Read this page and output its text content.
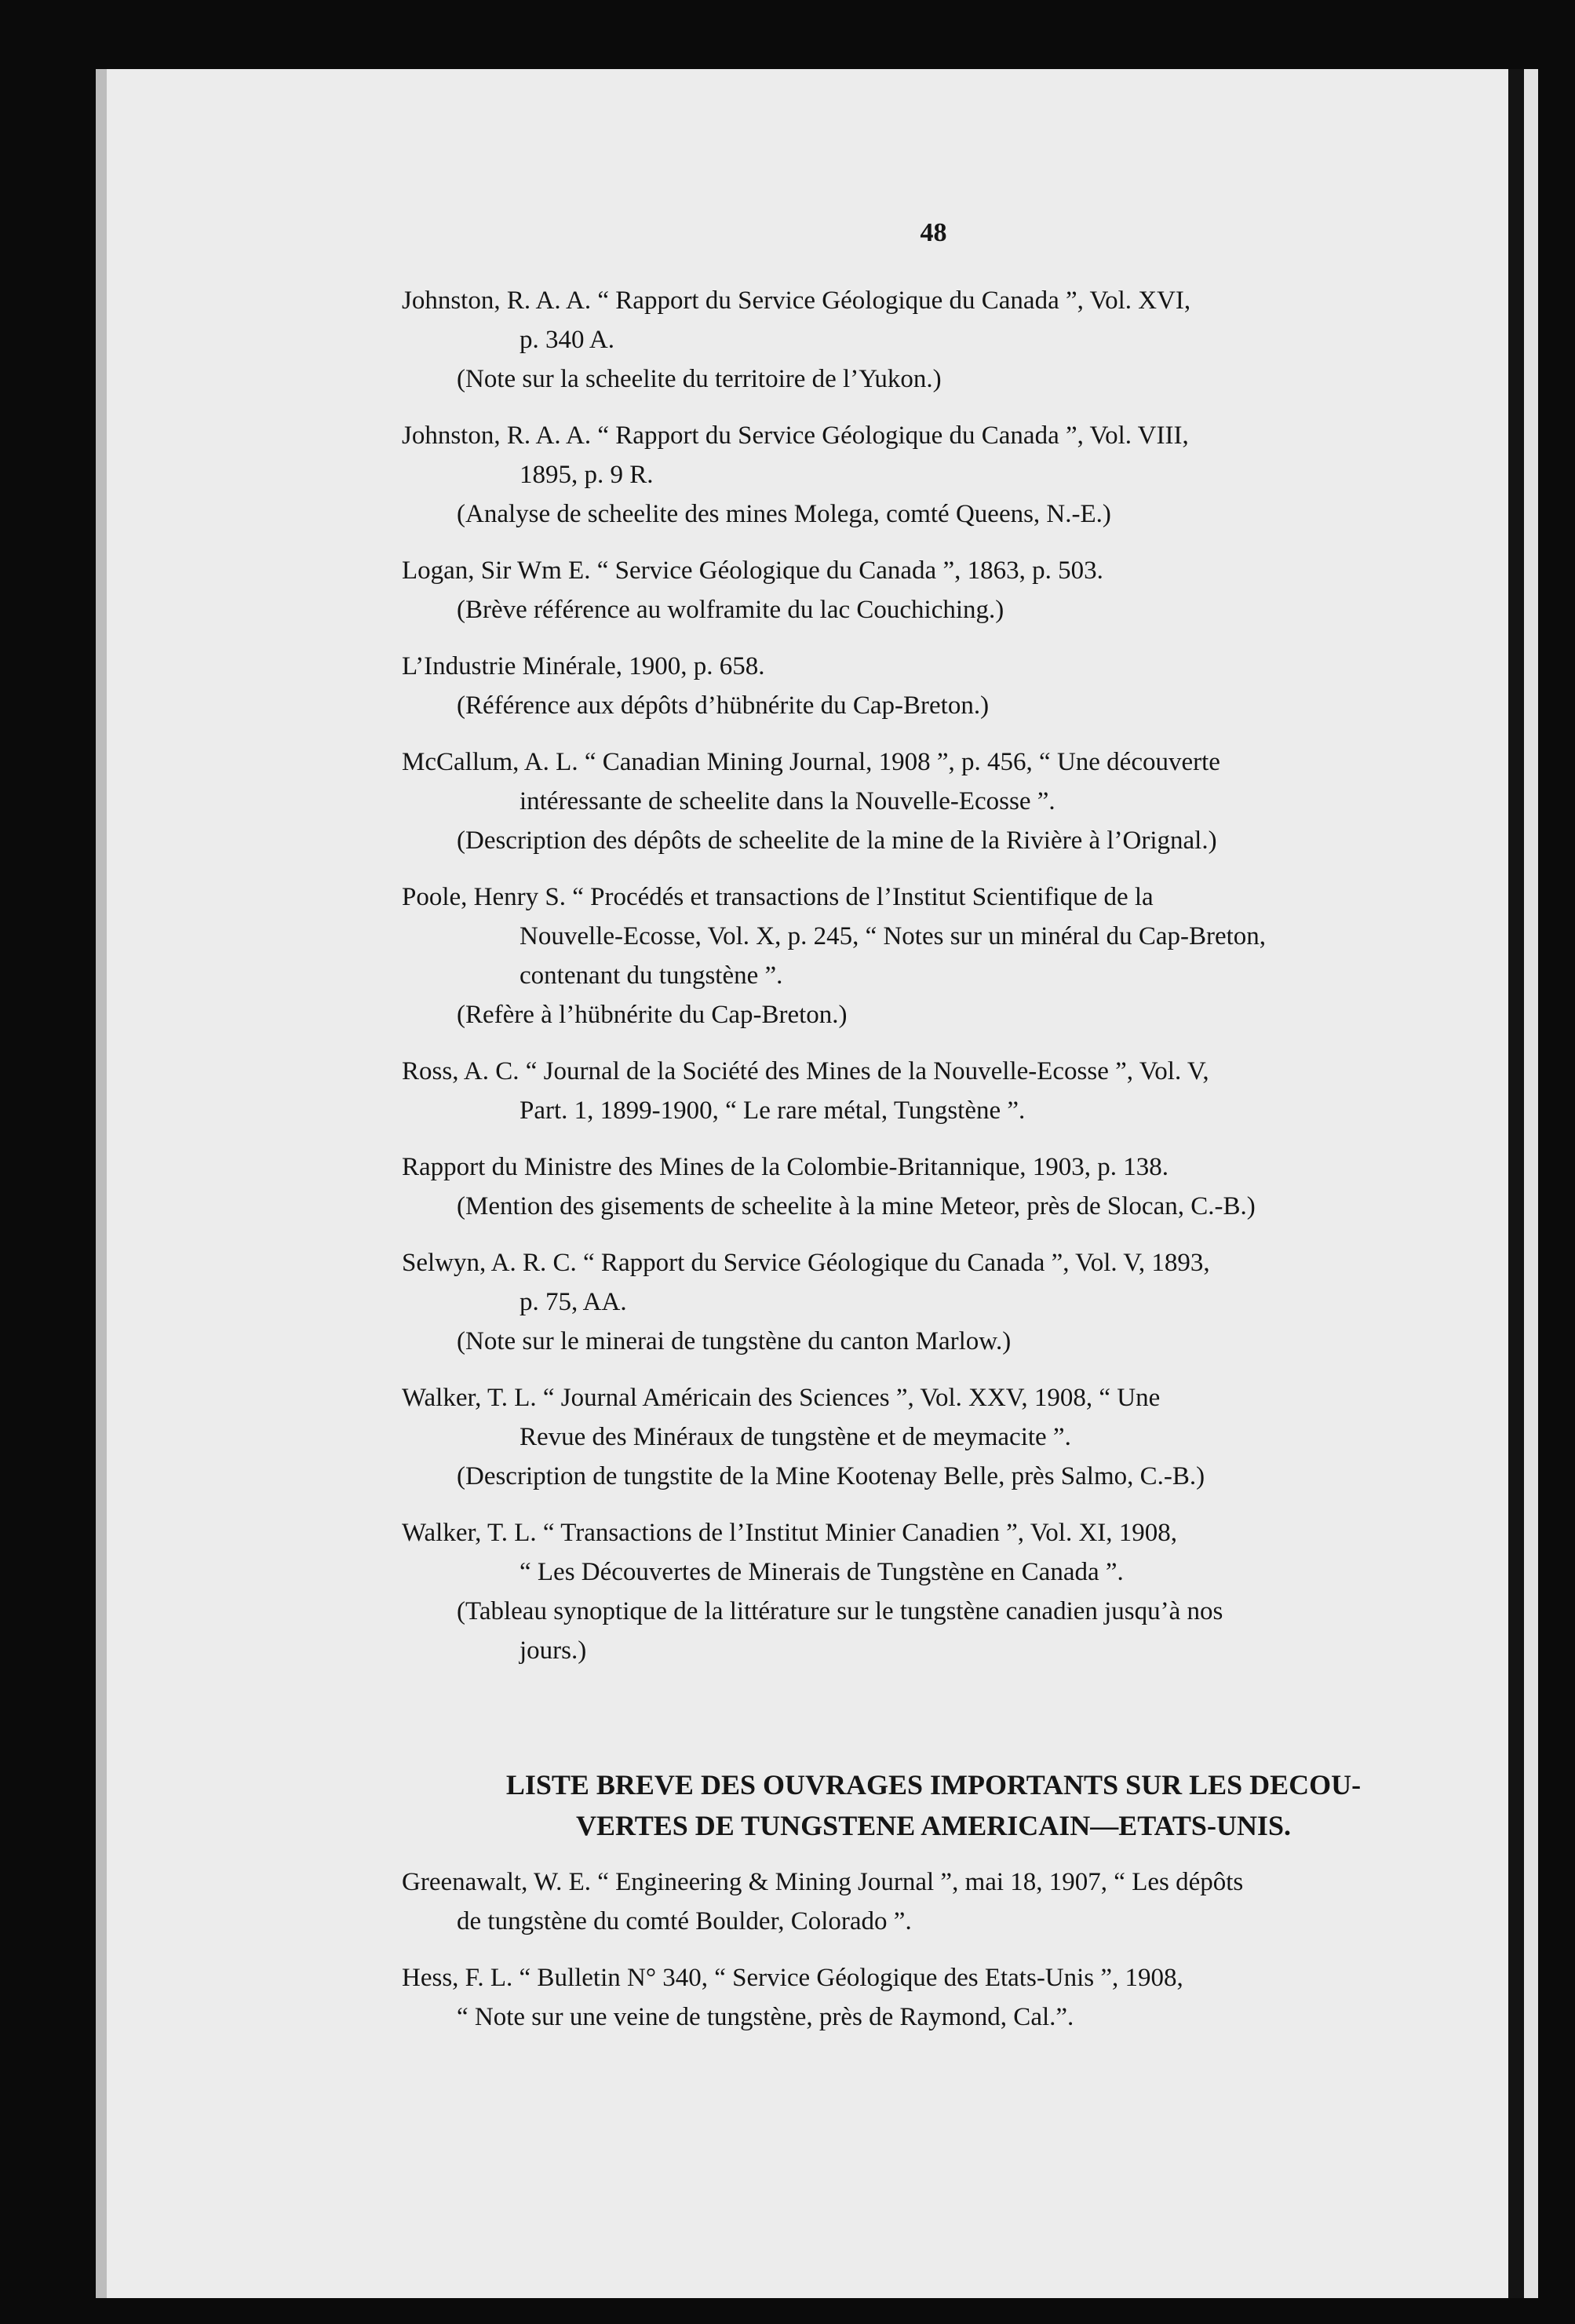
48
Johnston, R. A. A. “ Rapport du Service Géologique du Canada ”, Vol. XVI,
p. 340 A.
(Note sur la scheelite du territoire de l’Yukon.)
Johnston, R. A. A. “ Rapport du Service Géologique du Canada ”, Vol. VIII,
1895, p. 9 R.
(Analyse de scheelite des mines Molega, comté Queens, N.-E.)
Logan, Sir Wm E. “ Service Géologique du Canada ”, 1863, p. 503.
(Brève référence au wolframite du lac Couchiching.)
L’Industrie Minérale, 1900, p. 658.
(Référence aux dépôts d’hübnérite du Cap-Breton.)
McCallum, A. L. “ Canadian Mining Journal, 1908 ”, p. 456, “ Une découverte
intéressante de scheelite dans la Nouvelle-Ecosse ”.
(Description des dépôts de scheelite de la mine de la Rivière à l’Orignal.)
Poole, Henry S. “ Procédés et transactions de l’Institut Scientifique de la
Nouvelle-Ecosse, Vol. X, p. 245, “ Notes sur un minéral du Cap-Breton,
contenant du tungstène ”.
(Refère à l’hübnérite du Cap-Breton.)
Ross, A. C. “ Journal de la Société des Mines de la Nouvelle-Ecosse ”, Vol. V,
Part. 1, 1899-1900, “ Le rare métal, Tungstène ”.
Rapport du Ministre des Mines de la Colombie-Britannique, 1903, p. 138.
(Mention des gisements de scheelite à la mine Meteor, près de Slocan, C.-B.)
Selwyn, A. R. C. “ Rapport du Service Géologique du Canada ”, Vol. V, 1893,
p. 75, AA.
(Note sur le minerai de tungstène du canton Marlow.)
Walker, T. L. “ Journal Américain des Sciences ”, Vol. XXV, 1908, “ Une
Revue des Minéraux de tungstène et de meymacite ”.
(Description de tungstite de la Mine Kootenay Belle, près Salmo, C.-B.)
Walker, T. L. “ Transactions de l’Institut Minier Canadien ”, Vol. XI, 1908,
“ Les Découvertes de Minerais de Tungstène en Canada ”.
(Tableau synoptique de la littérature sur le tungstène canadien jusqu’à nos
jours.)
LISTE BREVE DES OUVRAGES IMPORTANTS SUR LES DECOU-
VERTES DE TUNGSTENE AMERICAIN—ETATS-UNIS.
Greenawalt, W. E. “ Engineering & Mining Journal ”, mai 18, 1907, “ Les dépôts
de tungstène du comté Boulder, Colorado ”.
Hess, F. L. “ Bulletin N° 340, “ Service Géologique des Etats-Unis ”, 1908,
“ Note sur une veine de tungstène, près de Raymond, Cal.”.
